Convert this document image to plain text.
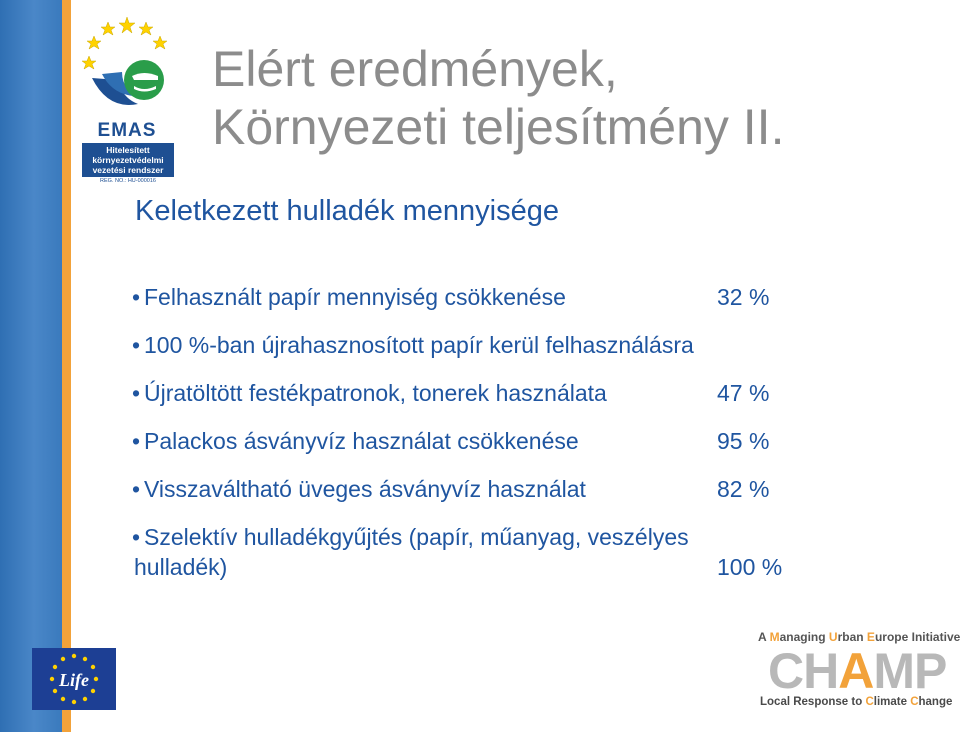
EMAS
Hitelesített
környezetvédelmi
vezetési rendszer
REG. NO.: HU-000016
Elért eredmények,
Környezeti teljesítmény II.
Keletkezett hulladék mennyisége
• Felhasznált papír mennyiség csökkenése	32 %
• 100 %-ban újrahasznosított papír kerül felhasználásra
• Újratöltött festékpatronok, tonerek használata	47 %
• Palackos ásványvíz használat csökkenése	95 %
• Visszaváltható üveges ásványvíz használat	82 %
• Szelektív hulladékgyűjtés (papír, műanyag, veszélyes
hulladék)	100 %
Life
A Managing Urban Europe Initiative
CHAMP
Local Response to Climate Change
